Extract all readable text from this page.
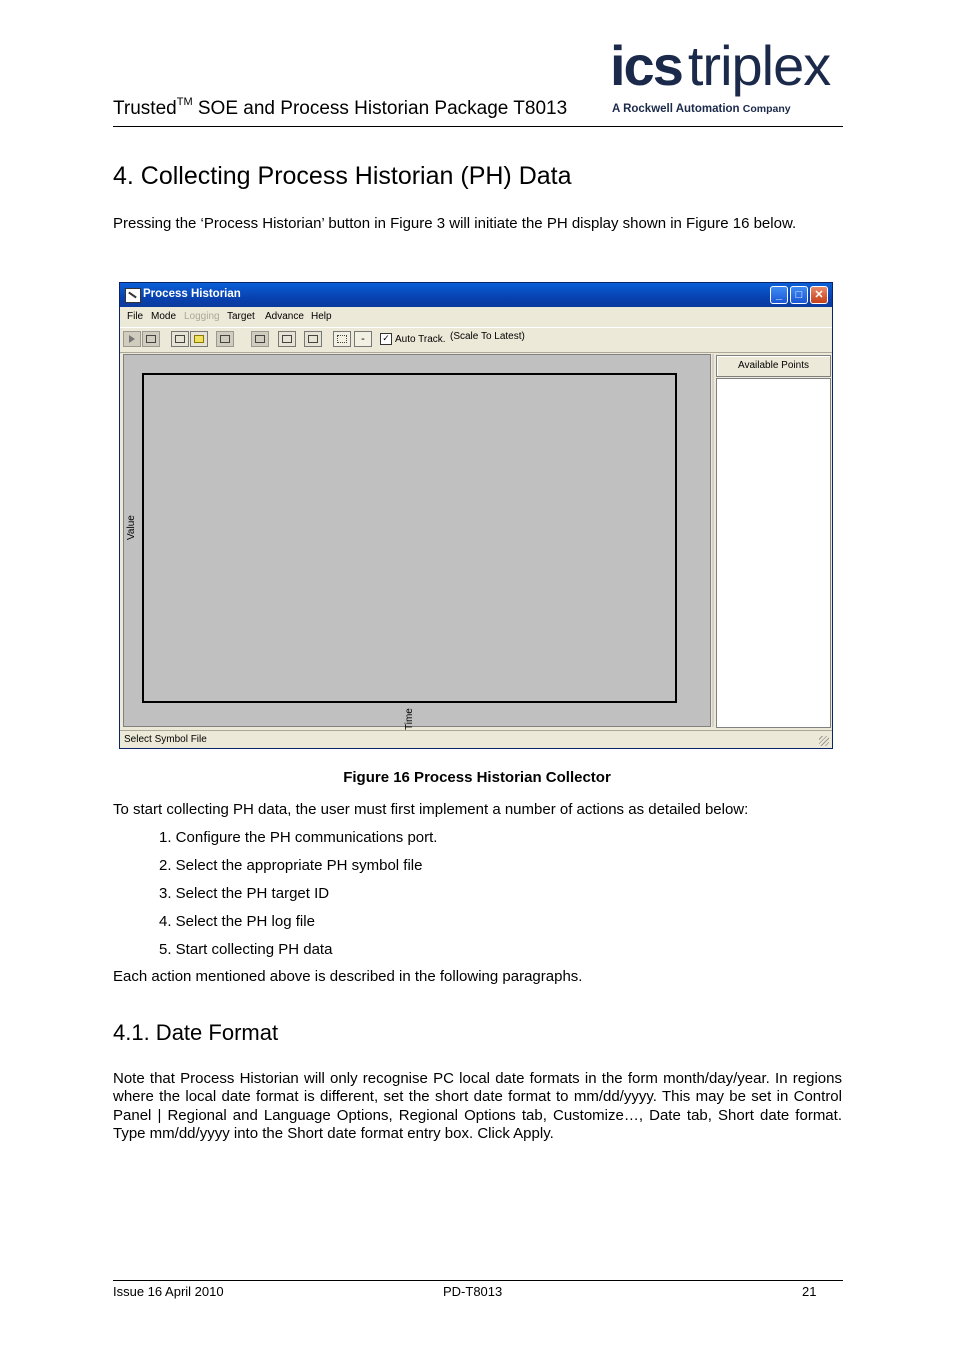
Trusted™ SOE and Process Historian Package T8013
ics triplex
A Rockwell Automation Company
4. Collecting Process Historian (PH) Data
Pressing the ‘Process Historian’ button in Figure 3 will initiate the PH display shown in Figure 16 below.
Process Historian	_	□	✕
File Mode Logging Target Advance Help
-	✓ Auto Track. (Scale To Latest)
Value
Time
Available Points
Select Symbol File
Figure 16 Process Historian Collector
To start collecting PH data, the user must first implement a number of actions as detailed below:
1. Configure the PH communications port.
2. Select the appropriate PH symbol file
3. Select the PH target ID
4. Select the PH log file
5. Start collecting PH data
Each action mentioned above is described in the following paragraphs.
4.1. Date Format
Note that Process Historian will only recognise PC local date formats in the form month/day/year. In regions where the local date format is different, set the short date format to mm/dd/yyyy. This may be set in Control Panel | Regional and Language Options, Regional Options tab, Customize…, Date tab, Short date format. Type mm/dd/yyyy into the Short date format entry box. Click Apply.
Issue 16 April 2010	PD-T8013	21
